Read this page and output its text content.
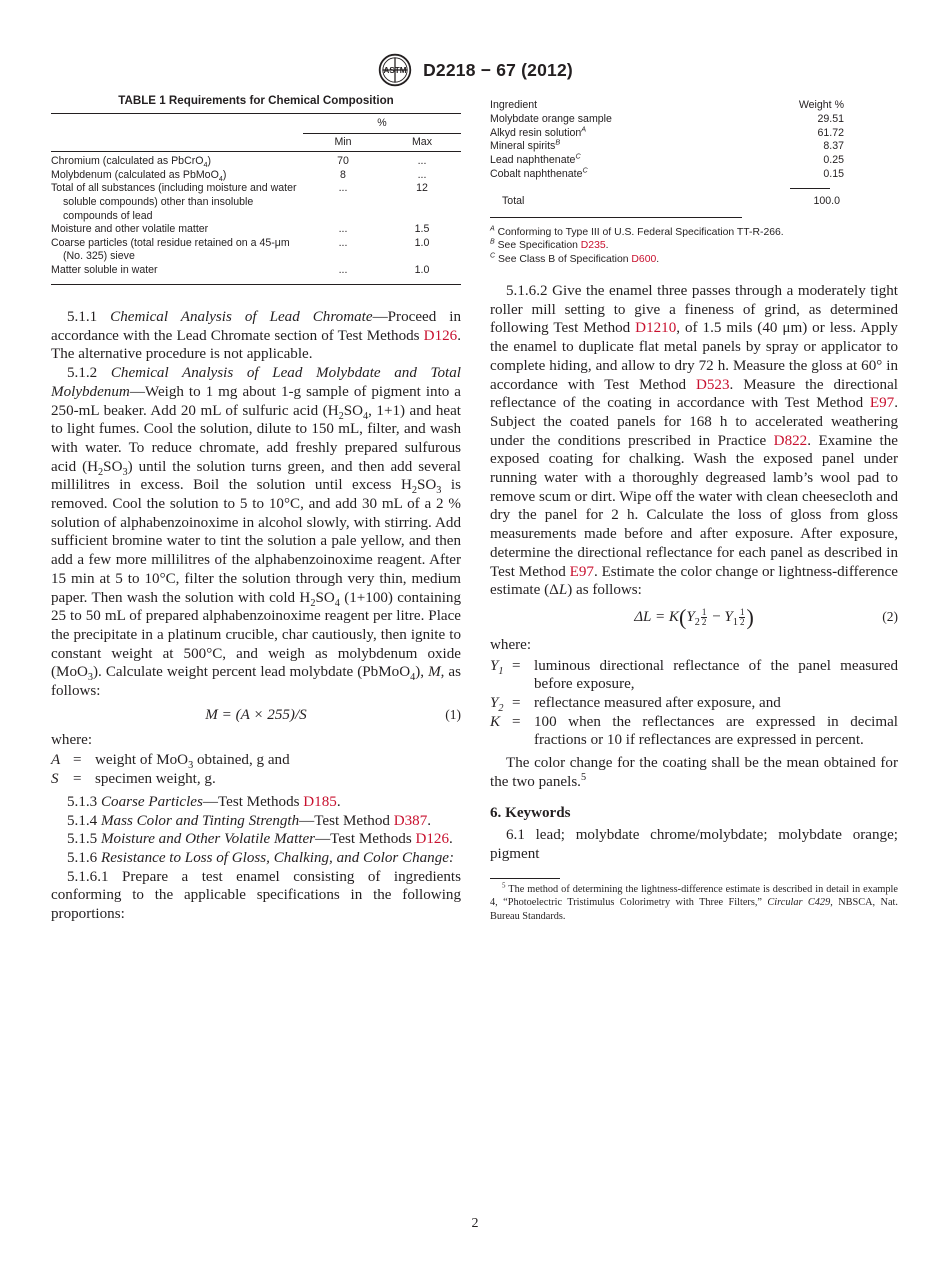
ASTM D2218 − 67 (2012)
TABLE 1 Requirements for Chemical Composition
	%	
	Min	Max

Chromium (calculated as PbCrO$_4$)	70	...

Molybdenum (calculated as PbMoO$_4$)	8	...

Total of all substances (including moisture and water soluble compounds) other than insoluble compounds of lead	...	12

Moisture and other volatile matter	...	1.5

Coarse particles (total residue retained on a 45-μm (No. 325) sieve	...	1.0

Matter soluble in water	...	1.0

5.1.1 Chemical Analysis of Lead Chromate—Proceed in accordance with the Lead Chromate section of Test Methods D126. The alternative procedure is not applicable.

5.1.2 Chemical Analysis of Lead Molybdate and Total Molybdenum—Weigh to 1 mg about 1-g sample of pigment into a 250-mL beaker. Add 20 mL of sulfuric acid ($H_2SO_4$, 1+1) and heat to light fumes. Cool the solution, dilute to 150 mL, filter, and wash with water. To reduce chromate, add freshly prepared sulfurous acid $(H_2SO_3)$ until the solution turns green, and then add several millilitres in excess. Boil the solution until excess $H_2SO_3$ is removed. Cool the solution to 5 to 10°C, and add 30 mL of a 2 % solution of alphabenzoinoxime in alcohol slowly, with stirring. Add sufficient bromine water to tint the solution a pale yellow, and then add a few more millilitres of the alphabenzoinoxime reagent. After 15 min at 5 to 10°C, filter the solution through very thin, medium paper. Then wash the solution with cold $H_2SO_4$ (1+100) containing 25 to 50 mL of prepared alphabenzoinoxime reagent per litre. Place the precipitate in a platinum crucible, char cautiously, then ignite to constant weight at 500°C, and weigh as molybdenum oxide (MoO$_3$). Calculate weight percent lead molybdate (PbMoO$_4$), M, as follows:

M = (A × 255)/S	(1)

where:

A = weight of MoO$_3$ obtained, g and
S = specimen weight, g.

5.1.3 Coarse Particles—Test Methods D185.

5.1.4 Mass Color and Tinting Strength—Test Method D387.

5.1.5 Moisture and Other Volatile Matter—Test Methods D126.

5.1.6 Resistance to Loss of Gloss, Chalking, and Color Change:

5.1.6.1 Prepare a test enamel consisting of ingredients conforming to the applicable specifications in the following proportions:

Ingredient	Weight %
Molybdate orange sample	29.51
Alkyd resin solution$^A$	61.72
Mineral spirits$^B$	8.37
Lead naphthenate$^C$	0.25
Cobalt naphthenate$^C$	0.15
Total	100.0
$^A$ Conforming to Type III of U.S. Federal Specification TT-R-266.
$^B$ See Specification D235.
$^C$ See Class B of Specification D600.

5.1.6.2 Give the enamel three passes through a moderately tight roller mill setting to give a fineness of grind, as determined following Test Method D1210, of 1.5 mils (40 μm) or less. Apply the enamel to duplicate flat metal panels by spray or applicator to complete hiding, and allow to dry 72 h. Measure the gloss at 60° in accordance with Test Method D523. Measure the directional reflectance of the coating in accordance with Test Method E97. Subject the coated panels for 168 h to accelerated weathering under the conditions prescribed in Practice D822. Examine the exposed coating for chalking. Wash the exposed panel under running water with a thoroughly degreased lamb’s wool pad to remove scum or dirt. Wipe off the water with clean cheesecloth and dry the panel for 2 h. Calculate the loss of gloss from gloss measurements made before and after exposure. After exposure, determine the directional reflectance for each panel as described in Test Method E97. Estimate the color change or lightness-difference estimate (ΔL) as follows:

$\Delta L = K(Y_2 \frac{1}{2} - Y_1 \frac{1}{2}$ )	(2)

where:

$Y_1$ = luminous directional reflectance of the panel measured before exposure,
$Y_2$ = reflectance measured after exposure, and
K = 100 when the reflectances are expressed in decimal fractions or 10 if reflectances are expressed in percent.

The color change for the coating shall be the mean obtained for the two panels.$^5$

6. Keywords

6.1 lead; molybdate chrome/molybdate; molybdate orange; pigment

$^5$ The method of determining the lightness-difference estimate is described in detail in example 4, “Photoelectric Tristimulus Colorimetry with Three Filters,” Circular C429, NBSCA, Nat. Bureau Standards.

2
